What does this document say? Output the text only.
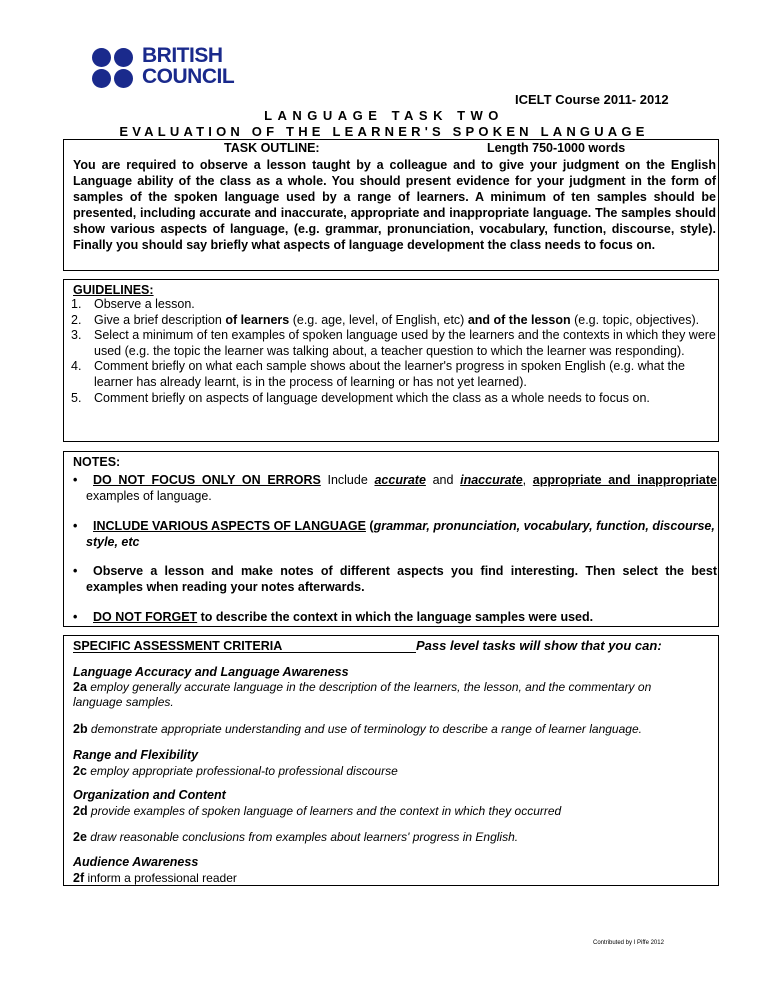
BRITISH
COUNCIL
ICELT Course 2011- 2012
LANGUAGE TASK TWO
EVALUATION OF THE LEARNER'S SPOKEN LANGUAGE
TASK OUTLINE:	Length 750-1000 words
You are required to observe a lesson taught by a colleague and to give your judgment on the English Language ability of the class as a whole. You should present evidence for your judgment in the form of samples of the spoken language used by a range of learners. A minimum of ten samples should be presented, including accurate and inaccurate, appropriate and inappropriate language. The samples should show various aspects of language, (e.g. grammar, pronunciation, vocabulary, function, discourse, style). Finally you should say briefly what aspects of language development the class needs to focus on.
GUIDELINES:
1. Observe a lesson.
2. Give a brief description of learners (e.g. age, level, of English, etc) and of the lesson (e.g. topic, objectives).
3. Select a minimum of ten examples of spoken language used by the learners and the contexts in which they were used (e.g. the topic the learner was talking about, a teacher question to which the learner was responding).
4. Comment briefly on what each sample shows about the learner's progress in spoken English (e.g. what the learner has already learnt, is in the process of learning or has not yet learned).
5. Comment briefly on aspects of language development which the class as a whole needs to focus on.
NOTES:
•	DO NOT FOCUS ONLY ON ERRORS Include accurate and inaccurate, appropriate and inappropriate examples of language.
•	INCLUDE VARIOUS ASPECTS OF LANGUAGE (grammar, pronunciation, vocabulary, function, discourse, style, etc
•	Observe a lesson and make notes of different aspects you find interesting. Then select the best examples when reading your notes afterwards.
•	DO NOT FORGET to describe the context in which the language samples were used.
SPECIFIC ASSESSMENT CRITERIA	Pass level tasks will show that you can:
Language Accuracy and Language Awareness
2a employ generally accurate language in the description of the learners, the lesson, and the commentary on language samples.
2b demonstrate appropriate understanding and use of terminology to describe a range of learner language.
Range and Flexibility
2c employ appropriate professional-to professional discourse
Organization and Content
2d provide examples of spoken language of learners and the context in which they occurred
2e draw reasonable conclusions from examples about learners' progress in English.
Audience Awareness
2f inform a professional reader
Contributed by I Piffe 2012
